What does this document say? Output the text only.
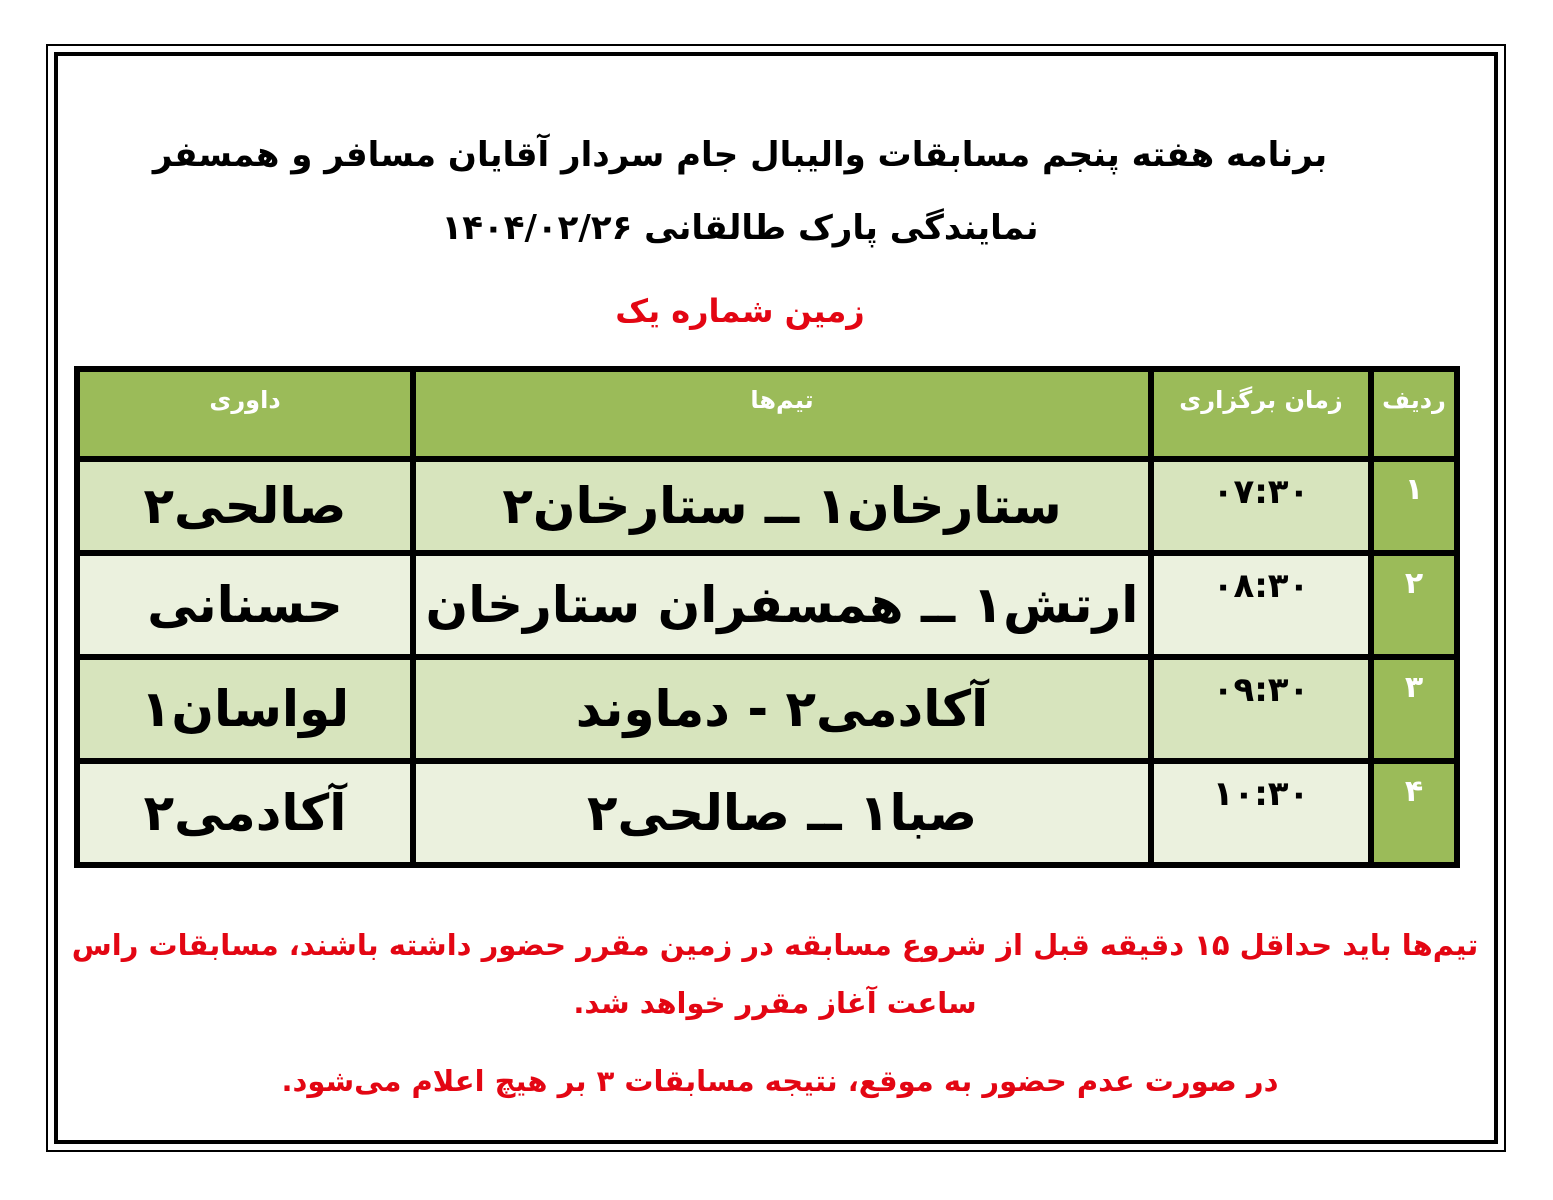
برنامه هفته پنجم مسابقات والیبال جام سردار آقایان مسافر و همسفر
نمایندگی پارک طالقانی ۱۴۰۴/۰۲/۲۶
زمین شماره یک
ردیف	زمان برگزاری	تیم‌ها	داوری
۱	۰۷:۳۰	ستارخان۱ ــ ستارخان۲	صالحی۲
۲	۰۸:۳۰	ارتش۱ ــ همسفران ستارخان	حسنانی
۳	۰۹:۳۰	آکادمی۲ - دماوند	لواسان۱
۴	۱۰:۳۰	صبا۱ ــ صالحی۲	آکادمی۲
تیم‌ها باید حداقل ۱۵ دقیقه قبل از شروع مسابقه در زمین مقرر حضور داشته باشند، مسابقات راس
ساعت آغاز مقرر خواهد شد.
در صورت عدم حضور به موقع، نتیجه مسابقات ۳ بر هیچ اعلام می‌شود.
